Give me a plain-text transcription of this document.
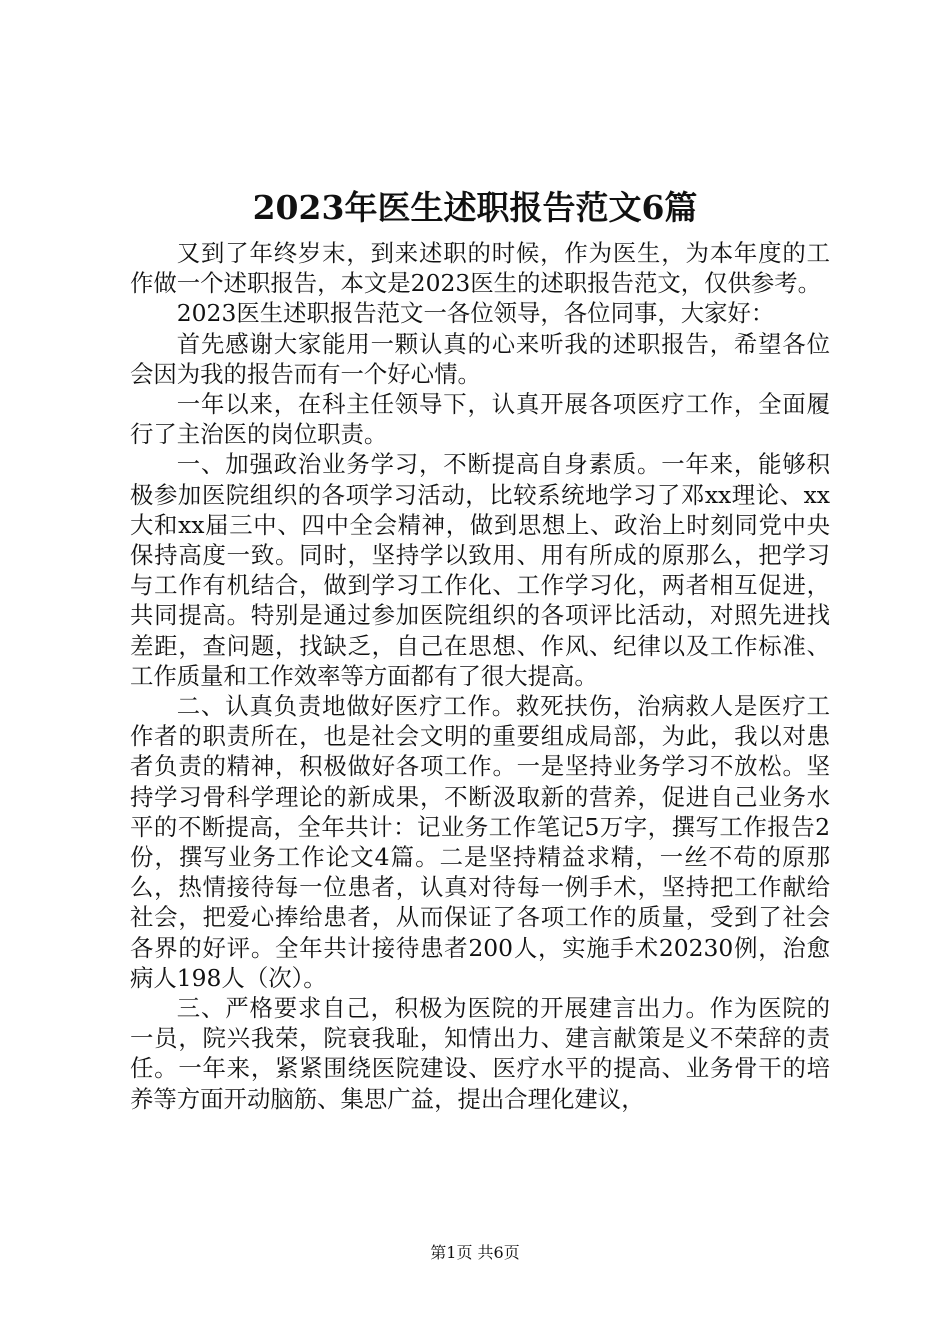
2023年医生述职报告范文6篇

又到了年终岁末，到来述职的时候，作为医生，为本年度的工作做一个述职报告，本文是2023医生的述职报告范文，仅供参考。

2023医生述职报告范文一各位领导，各位同事，大家好：

首先感谢大家能用一颗认真的心来听我的述职报告，希望各位会因为我的报告而有一个好心情。

一年以来，在科主任领导下，认真开展各项医疗工作，全面履行了主治医的岗位职责。

一、加强政治业务学习，不断提高自身素质。一年来，能够积极参加医院组织的各项学习活动，比较系统地学习了邓xx理论、xx大和xx届三中、四中全会精神，做到思想上、政治上时刻同党中央保持高度一致。同时，坚持学以致用、用有所成的原那么，把学习与工作有机结合，做到学习工作化、工作学习化，两者相互促进，共同提高。特别是通过参加医院组织的各项评比活动，对照先进找差距，查问题，找缺乏，自己在思想、作风、纪律以及工作标准、工作质量和工作效率等方面都有了很大提高。

二、认真负责地做好医疗工作。救死扶伤，治病救人是医疗工作者的职责所在，也是社会文明的重要组成局部，为此，我以对患者负责的精神，积极做好各项工作。一是坚持业务学习不放松。坚持学习骨科学理论的新成果，不断汲取新的营养，促进自己业务水平的不断提高，全年共计：记业务工作笔记5万字，撰写工作报告2份，撰写业务工作论文4篇。二是坚持精益求精，一丝不苟的原那么，热情接待每一位患者，认真对待每一例手术，坚持把工作献给社会，把爱心捧给患者，从而保证了各项工作的质量，受到了社会各界的好评。全年共计接待患者200人，实施手术20230例，治愈病人198人（次）。

三、严格要求自己，积极为医院的开展建言出力。作为医院的一员，院兴我荣，院衰我耻，知情出力、建言献策是义不荣辞的责任。一年来，紧紧围绕医院建设、医疗水平的提高、业务骨干的培养等方面开动脑筋、集思广益，提出合理化建议，

第1页 共6页
